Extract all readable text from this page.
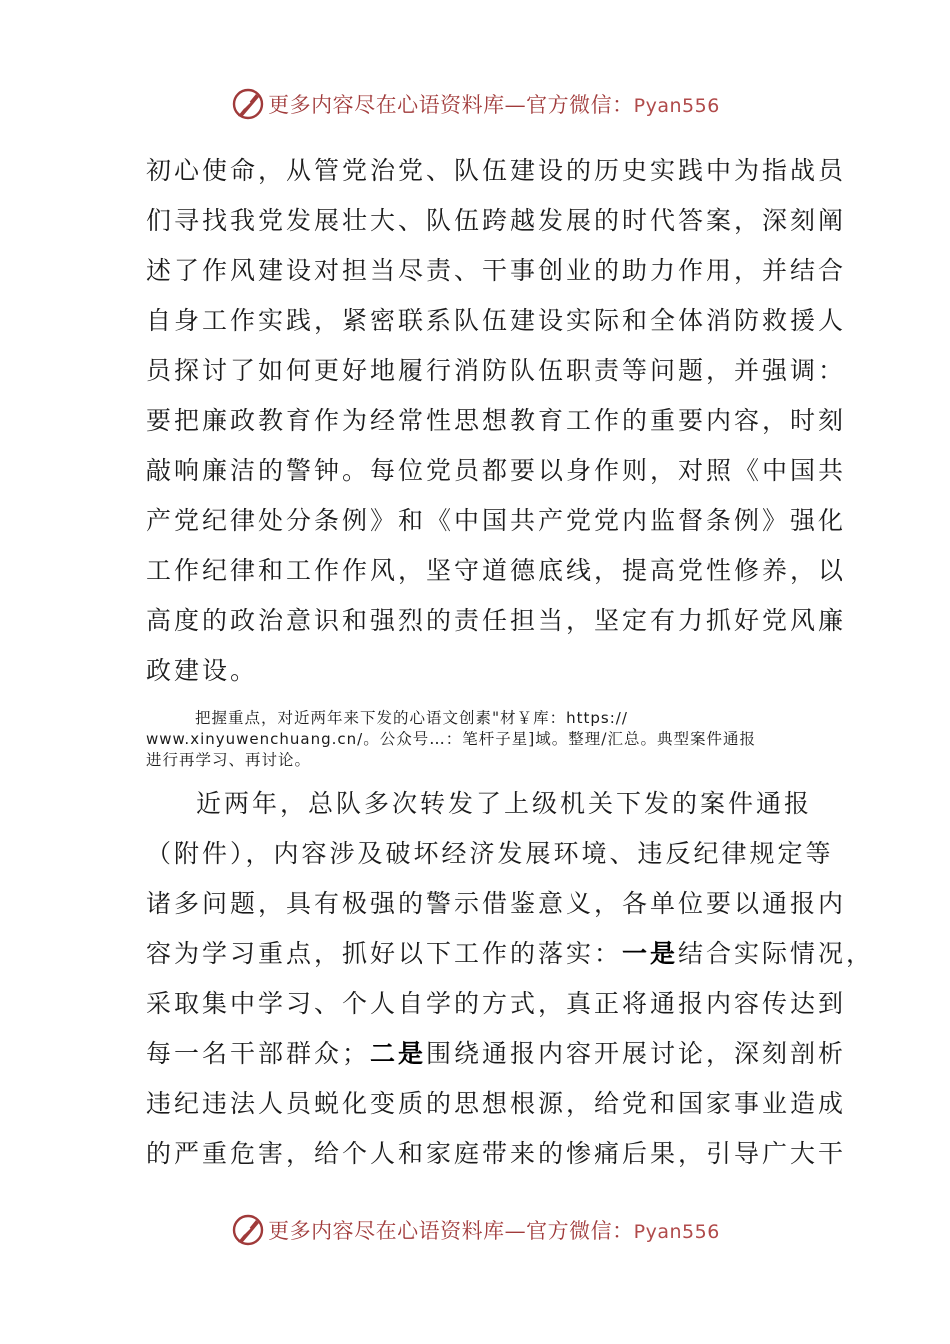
更多内容尽在心语资料库—官方微信：Pyan556

初心使命，从管党治党、队伍建设的历史实践中为指战员
们寻找我党发展壮大、队伍跨越发展的时代答案，深刻阐
述了作风建设对担当尽责、干事创业的助力作用，并结合
自身工作实践，紧密联系队伍建设实际和全体消防救援人
员探讨了如何更好地履行消防队伍职责等问题，并强调：
要把廉政教育作为经常性思想教育工作的重要内容，时刻
敲响廉洁的警钟。每位党员都要以身作则，对照《中国共
产党纪律处分条例》和《中国共产党党内监督条例》强化
工作纪律和工作作风，坚守道德底线，提高党性修养，以
高度的政治意识和强烈的责任担当，坚定有力抓好党风廉
政建设。

把握重点，对近两年来下发的心语文创素"材￥库：https://
www.xinyuwenchuang.cn/。公众号…：笔杆子星]域。整理/汇总。典型案件通报
进行再学习、再讨论。

近两年，总队多次转发了上级机关下发的案件通报
（附件），内容涉及破坏经济发展环境、违反纪律规定等
诸多问题，具有极强的警示借鉴意义，各单位要以通报内
容为学习重点，抓好以下工作的落实：一是结合实际情况，
采取集中学习、个人自学的方式，真正将通报内容传达到
每一名干部群众；二是围绕通报内容开展讨论，深刻剖析
违纪违法人员蜕化变质的思想根源，给党和国家事业造成
的严重危害，给个人和家庭带来的惨痛后果，引导广大干

更多内容尽在心语资料库—官方微信：Pyan556
